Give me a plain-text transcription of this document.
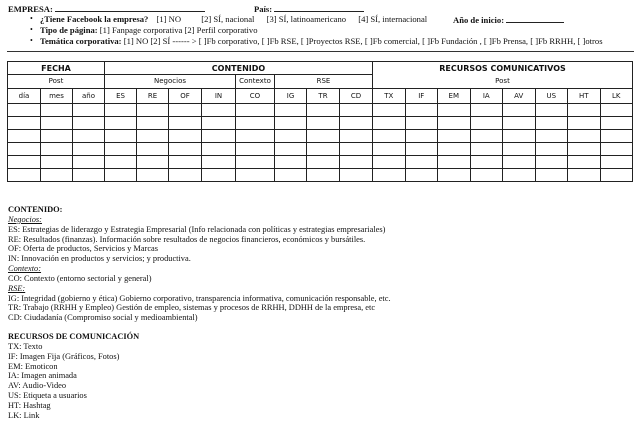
EMPRESA:	País:
• ¿Tiene Facebook la empresa? [1] NO [2] SÍ, nacional [3] SÍ, latinoamericano [4] SÍ, internacional	Año de inicio:
• Tipo de página: [1] Fanpage corporativa [2] Perfil corporativo
• Temática corporativa: [1] NO [2] SÍ ------ > [ ]Fb corporativo, [ ]Fb RSE, [ ]Proyectos RSE, [ ]Fb comercial, [ ]Fb Fundación , [ ]Fb Prensa, [ ]Fb RRHH, [ ]otros
FECHA			CONTENIDO								RECURSOS COMUNICATIVOS							
Post			Negocios				Contexto	RSE			Post							
día	mes	año	ES	RE	OF	IN	CO	IG	TR	CD	TX	IF	EM	IA	AV	US	HT	LK

CONTENIDO:
Negocios:
ES: Estrategias de liderazgo y Estrategia Empresarial (Info relacionada con políticas y estrategias empresariales)
RE: Resultados (finanzas). Información sobre resultados de negocios financieros, económicos y bursátiles.
OF: Oferta de productos, Servicios y Marcas
IN: Innovación en productos y servicios; y productiva.
Contexto:
CO: Contexto (entorno sectorial y general)
RSE:
IG: Integridad (gobierno y ética) Gobierno corporativo, transparencia informativa, comunicación responsable, etc.
TR: Trabajo (RRHH y Empleo) Gestión de empleo, sistemas y procesos de RRHH, DDHH de la empresa, etc
CD: Ciudadanía (Compromiso social y medioambiental)
RECURSOS DE COMUNICACIÓN
TX: Texto
IF: Imagen Fija (Gráficos, Fotos)
EM: Emoticon
IA: Imagen animada
AV: Audio-Video
US: Etiqueta a usuarios
HT: Hashtag
LK: Link
